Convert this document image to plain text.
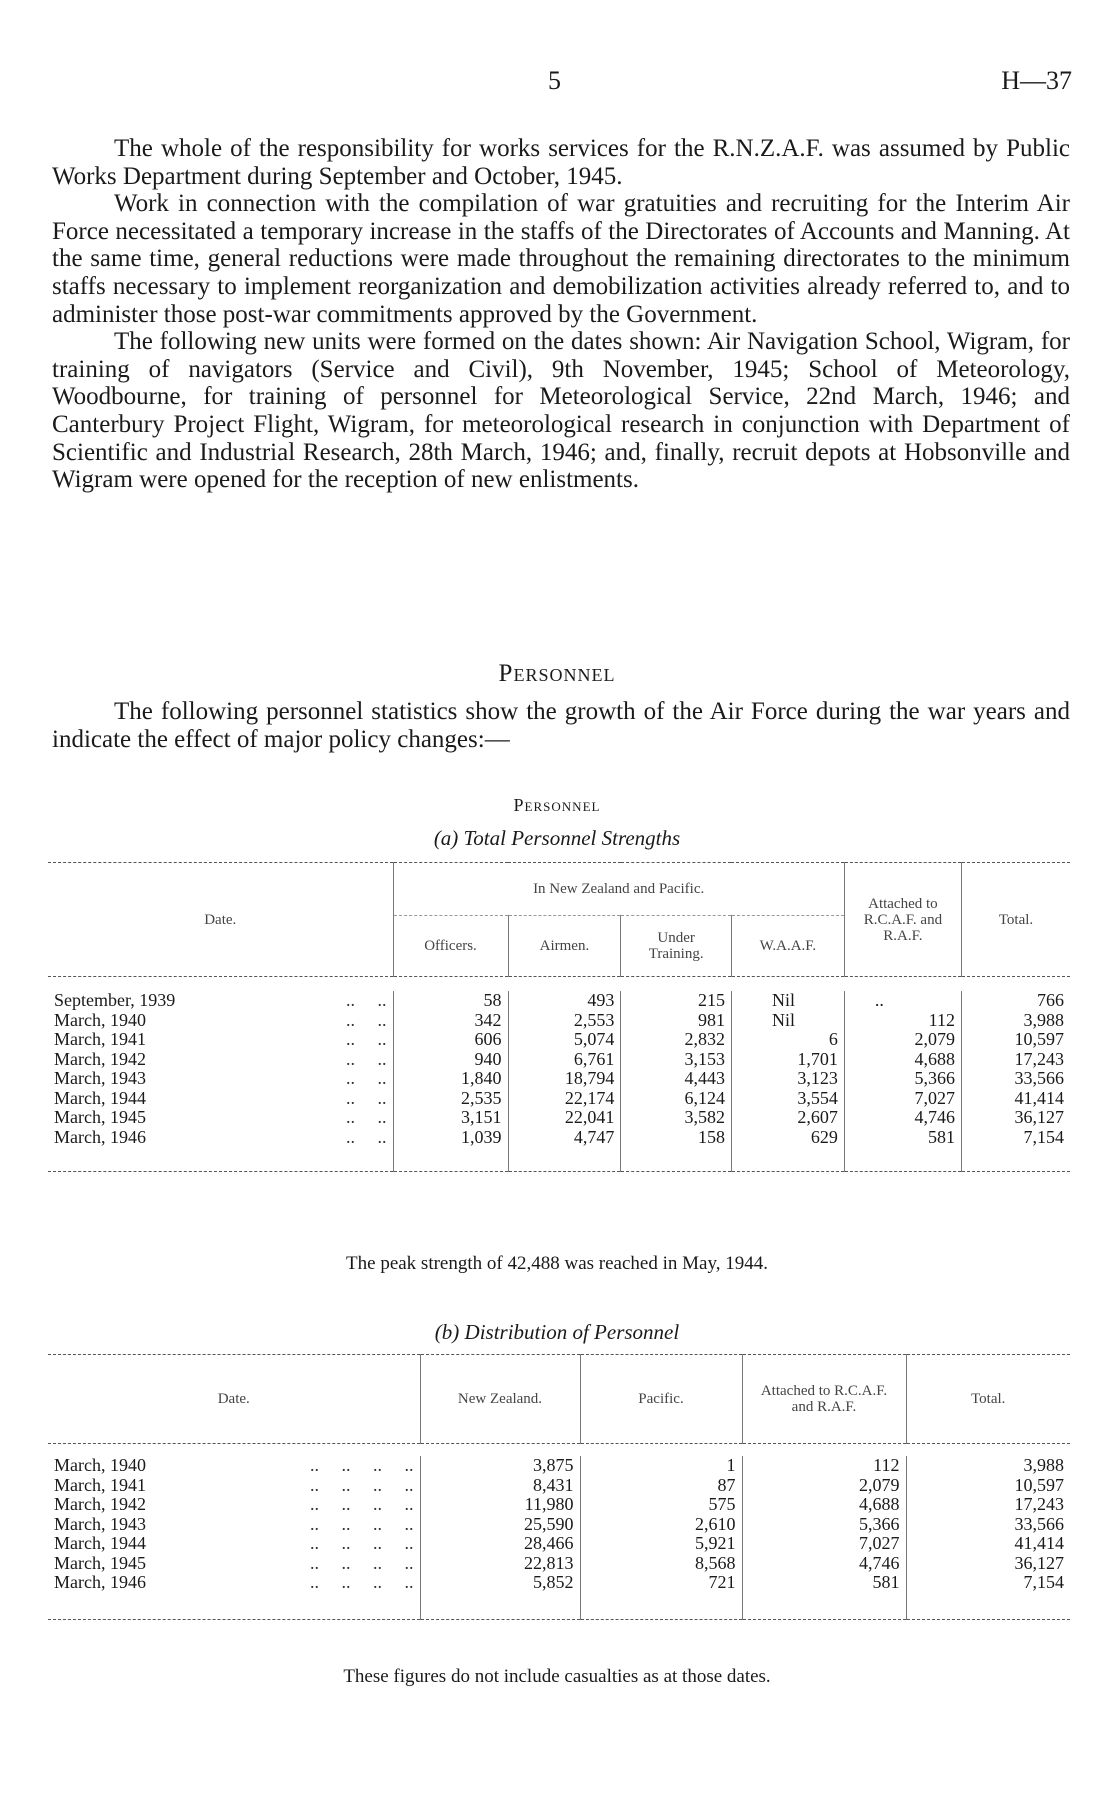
5	H—37

The whole of the responsibility for works services for the R.N.Z.A.F. was assumed by Public Works Department during September and October, 1945.

Work in connection with the compilation of war gratuities and recruiting for the Interim Air Force necessitated a temporary increase in the staffs of the Directorates of Accounts and Manning. At the same time, general reductions were made throughout the remaining directorates to the minimum staffs necessary to implement reorganization and demobilization activities already referred to, and to administer those post-war commitments approved by the Government.

The following new units were formed on the dates shown: Air Navigation School, Wigram, for training of navigators (Service and Civil), 9th November, 1945; School of Meteorology, Woodbourne, for training of personnel for Meteorological Service, 22nd March, 1946; and Canterbury Project Flight, Wigram, for meteorological research in conjunction with Department of Scientific and Industrial Research, 28th March, 1946; and, finally, recruit depots at Hobsonville and Wigram were opened for the reception of new enlistments.

Personnel

The following personnel statistics show the growth of the Air Force during the war years and indicate the effect of major policy changes:—

Personnel
(a) Total Personnel Strengths
Date.	In New Zealand and Pacific.				Attached to R.C.A.F. and R.A.F.	Total.
	Officers.	Airmen.	Under Training.	W.A.A.F.		

September, 1939 ..     ..	58	493	215	Nil	..	766
March, 1940 ..     ..	342	2,553	981	Nil	112	3,988
March, 1941 ..     ..	606	5,074	2,832	6	2,079	10,597
March, 1942 ..     ..	940	6,761	3,153	1,701	4,688	17,243
March, 1943 ..     ..	1,840	18,794	4,443	3,123	5,366	33,566
March, 1944 ..     ..	2,535	22,174	6,124	3,554	7,027	41,414
March, 1945 ..     ..	3,151	22,041	3,582	2,607	4,746	36,127
March, 1946 ..     ..	1,039	4,747	158	629	581	7,154

The peak strength of 42,488 was reached in May, 1944.
(b) Distribution of Personnel
Date.	New Zealand.	Pacific.	Attached to R.C.A.F. and R.A.F.	Total.

March, 1940 ..     ..     ..     ..	3,875	1	112	3,988
March, 1941 ..     ..     ..     ..	8,431	87	2,079	10,597
March, 1942 ..     ..     ..     ..	11,980	575	4,688	17,243
March, 1943 ..     ..     ..     ..	25,590	2,610	5,366	33,566
March, 1944 ..     ..     ..     ..	28,466	5,921	7,027	41,414
March, 1945 ..     ..     ..     ..	22,813	8,568	4,746	36,127
March, 1946 ..     ..     ..     ..	5,852	721	581	7,154

These figures do not include casualties as at those dates.
